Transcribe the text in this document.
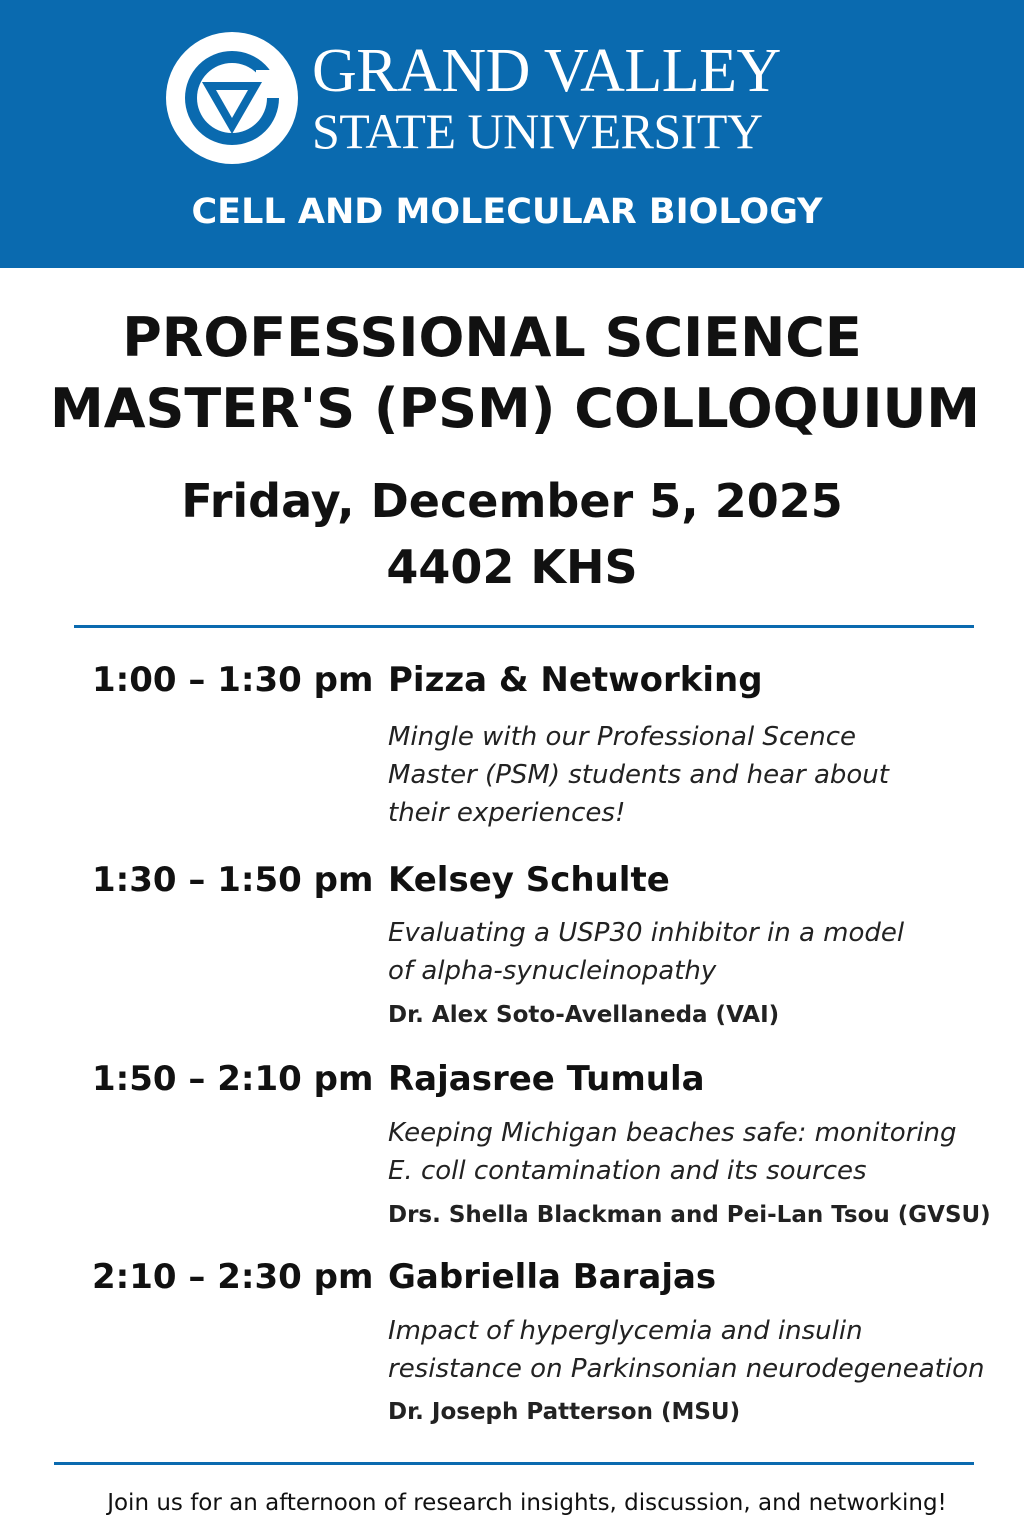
GRAND VALLEY
STATE UNIVERSITY
CELL AND MOLECULAR BIOLOGY
PROFESSIONAL SCIENCE
MASTER'S (PSM) COLLOQUIUM
Friday, December 5, 2025
4402 KHS
1:00 – 1:30 pm Pizza & Networking
Mingle with our Professional Scence
Master (PSM) students and hear about
their experiences!
1:30 – 1:50 pm Kelsey Schulte
Evaluating a USP30 inhibitor in a model
of alpha-synucleinopathy
Dr. Alex Soto-Avellaneda (VAI)
1:50 – 2:10 pm Rajasree Tumula
Keeping Michigan beaches safe: monitoring
E. coll contamination and its sources
Drs. Shella Blackman and Pei-Lan Tsou (GVSU)
2:10 – 2:30 pm Gabriella Barajas
Impact of hyperglycemia and insulin
resistance on Parkinsonian neurodegeneation
Dr. Joseph Patterson (MSU)
Join us for an afternoon of research insights, discussion, and networking!
